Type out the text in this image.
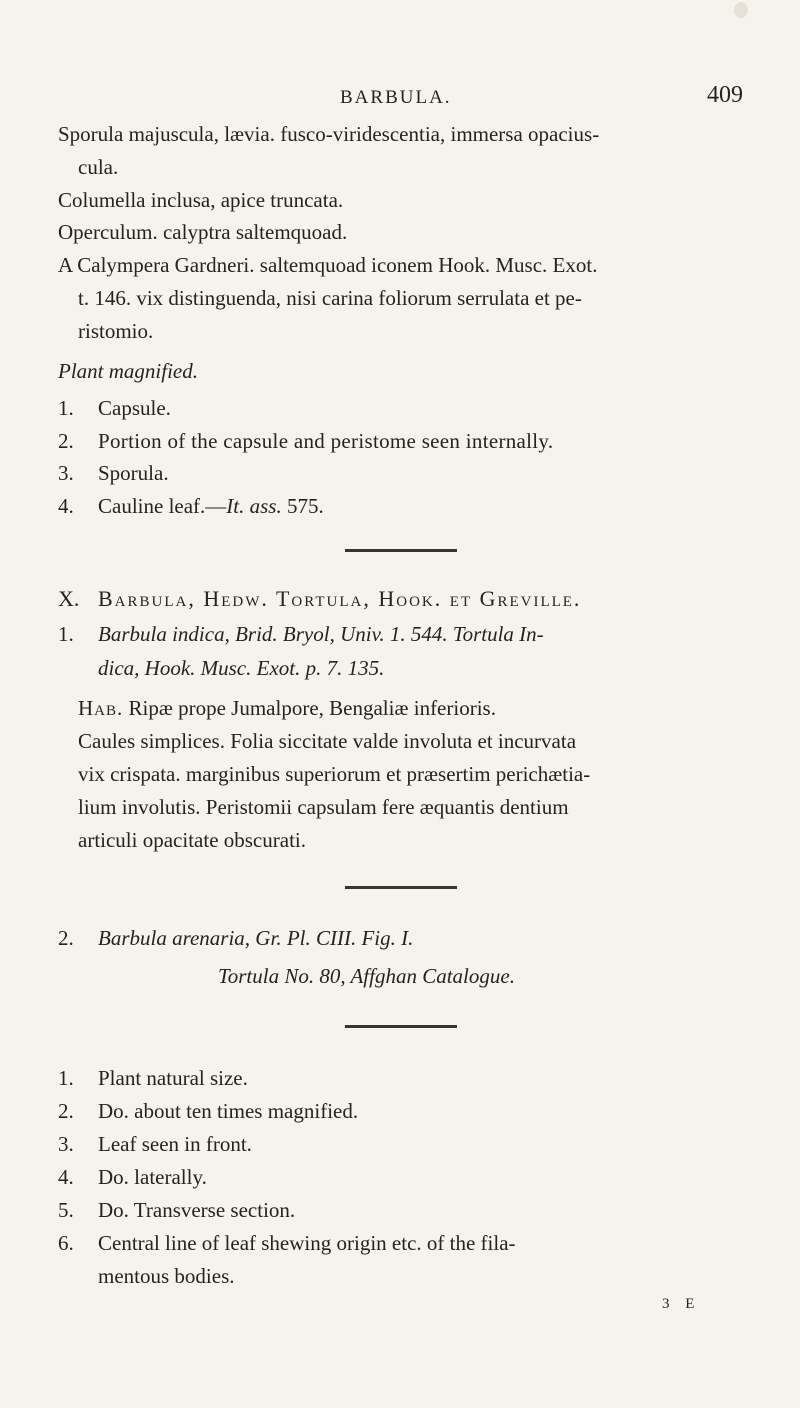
BARBULA.	409
Sporula majuscula, lævia. fusco-viridescentia, immersa opacius-
cula.
Columella inclusa, apice truncata.
Operculum. calyptra saltemquoad.
A Calympera Gardneri. saltemquoad iconem Hook. Musc. Exot.
t. 146. vix distinguenda, nisi carina foliorum serrulata et pe-
ristomio.
Plant magnified.
1. Capsule.
2. Portion of the capsule and peristome seen internally.
3. Sporula.
4. Cauline leaf.—It. ass. 575.
X. Barbula, Hedw. Tortula, Hook. et Greville.
1. Barbula indica, Brid. Bryol, Univ. 1. 544. Tortula In-
dica, Hook. Musc. Exot. p. 7. 135.
Hab. Ripæ prope Jumalpore, Bengaliæ inferioris.
Caules simplices. Folia siccitate valde involuta et incurvata
vix crispata. marginibus superiorum et præsertim perichætia-
lium involutis. Peristomii capsulam fere æquantis dentium
articuli opacitate obscurati.
2. Barbula arenaria, Gr. Pl. CIII. Fig. I.
Tortula No. 80, Affghan Catalogue.
1. Plant natural size.
2. Do. about ten times magnified.
3. Leaf seen in front.
4. Do. laterally.
5. Do. Transverse section.
6. Central line of leaf shewing origin etc. of the fila-
mentous bodies.
3 E
